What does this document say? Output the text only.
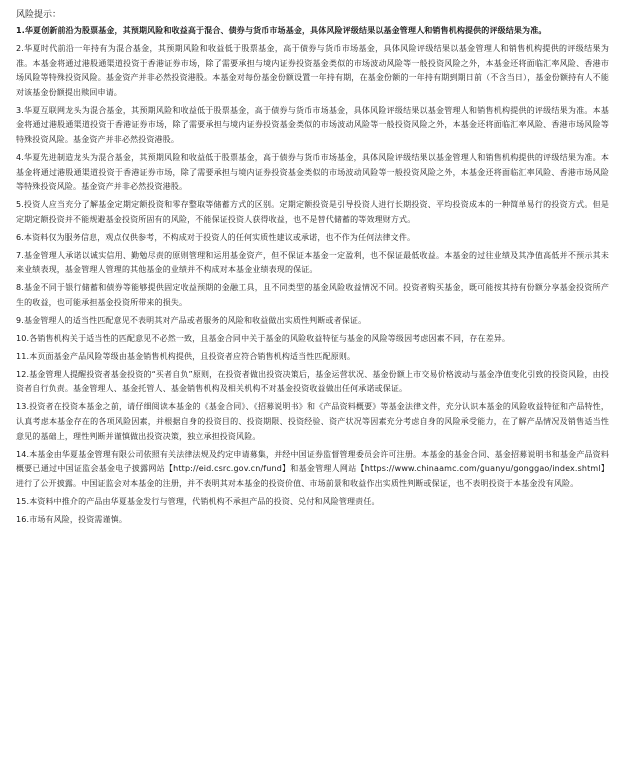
风险提示：

1.华夏创新前沿为股票基金，其预期风险和收益高于混合、债券与货币市场基金，具体风险评级结果以基金管理人和销售机构提供的评级结果为准。
2.华夏时代前沿一年持有为混合基金，其预期风险和收益低于股票基金，高于债券与货币市场基金，具体风险评级结果以基金管理人和销售机构提供的评级结果为准。本基金将通过港股通渠道投资于香港证券市场，除了需要承担与境内证券投资基金类似的市场波动风险等一般投资风险之外，本基金还将面临汇率风险、香港市场风险等特殊投资风险。基金资产并非必然投资港股。本基金对每份基金份额设置一年持有期，在基金份额的一年持有期到期日前（不含当日），基金份额持有人不能对该基金份额提出赎回申请。
3.华夏互联网龙头为混合基金，其预期风险和收益低于股票基金，高于债券与货币市场基金，具体风险评级结果以基金管理人和销售机构提供的评级结果为准。本基金将通过港股通渠道投资于香港证券市场，除了需要承担与境内证券投资基金类似的市场波动风险等一般投资风险之外，本基金还将面临汇率风险、香港市场风险等特殊投资风险。基金资产并非必然投资港股。
4.华夏先进制造龙头为混合基金，其预期风险和收益低于股票基金，高于债券与货币市场基金，具体风险评级结果以基金管理人和销售机构提供的评级结果为准。本基金将通过港股通渠道投资于香港证券市场，除了需要承担与境内证券投资基金类似的市场波动风险等一般投资风险之外，本基金还将面临汇率风险、香港市场风险等特殊投资风险。基金资产并非必然投资港股。
5.投资人应当充分了解基金定期定额投资和零存整取等储蓄方式的区别。定期定额投资是引导投资人进行长期投资、平均投资成本的一种简单易行的投资方式。但是定期定额投资并不能规避基金投资所固有的风险，不能保证投资人获得收益，也不是替代储蓄的等效理财方式。
6.本资料仅为服务信息，观点仅供参考，不构成对于投资人的任何实质性建议或承诺，也不作为任何法律文件。
7.基金管理人承诺以诚实信用、勤勉尽责的原则管理和运用基金资产，但不保证本基金一定盈利，也不保证最低收益。本基金的过往业绩及其净值高低并不预示其未来业绩表现，基金管理人管理的其他基金的业绩并不构成对本基金业绩表现的保证。
8.基金不同于银行储蓄和债券等能够提供固定收益预期的金融工具，且不同类型的基金风险收益情况不同。投资者购买基金，既可能按其持有份额分享基金投资所产生的收益，也可能承担基金投资所带来的损失。
9.基金管理人的适当性匹配意见不表明其对产品或者服务的风险和收益做出实质性判断或者保证。
10.各销售机构关于适当性的匹配意见不必然一致，且基金合同中关于基金的风险收益特征与基金的风险等级因考虑因素不同，存在差异。
11.本页面基金产品风险等级由基金销售机构提供，且投资者应符合销售机构适当性匹配原则。
12.基金管理人提醒投资者基金投资的“买者自负”原则，在投资者做出投资决策后，基金运营状况、基金份额上市交易价格波动与基金净值变化引致的投资风险，由投资者自行负责。基金管理人、基金托管人、基金销售机构及相关机构不对基金投资收益做出任何承诺或保证。
13.投资者在投资本基金之前，请仔细阅读本基金的《基金合同》、《招募说明书》和《产品资料概要》等基金法律文件，充分认识本基金的风险收益特征和产品特性，认真考虑本基金存在的各项风险因素，并根据自身的投资目的、投资期限、投资经验、资产状况等因素充分考虑自身的风险承受能力，在了解产品情况及销售适当性意见的基础上，理性判断并谨慎做出投资决策，独立承担投资风险。
14.本基金由华夏基金管理有限公司依照有关法律法规及约定申请募集，并经中国证券监督管理委员会许可注册。本基金的基金合同、基金招募说明书和基金产品资料概要已通过中国证监会基金电子披露网站【http://eid.csrc.gov.cn/fund】和基金管理人网站【https://www.chinaamc.com/guanyu/gonggao/index.shtml】进行了公开披露。中国证监会对本基金的注册，并不表明其对本基金的投资价值、市场前景和收益作出实质性判断或保证，也不表明投资于本基金没有风险。
15.本资料中推介的产品由华夏基金发行与管理，代销机构不承担产品的投资、兑付和风险管理责任。
16.市场有风险，投资需谨慎。
